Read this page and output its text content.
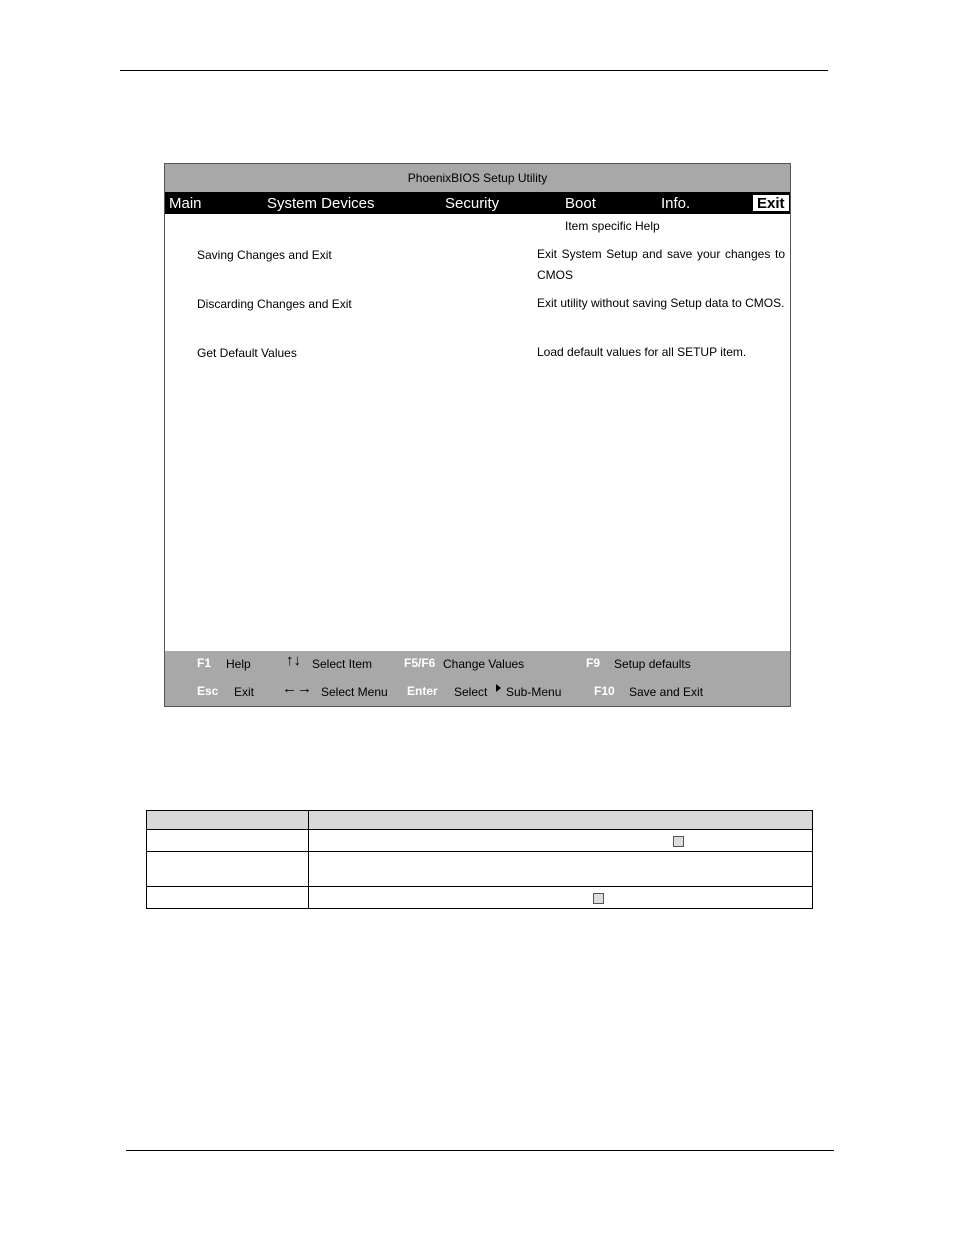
PhoenixBIOS Setup Utility
Main	System Devices	Security	Boot	Info.	Exit
Item specific Help
Saving Changes and Exit	Exit System Setup and save your changes to CMOS
Discarding Changes and Exit	Exit utility without saving Setup data to CMOS.
Get Default Values	Load default values for all SETUP item.
F1 Help ↑↓ Select Item	F5/F6 Change Values	F9 Setup defaults
Esc Exit ←→ Select Menu Enter Select Sub-Menu	F10 Save and Exit
